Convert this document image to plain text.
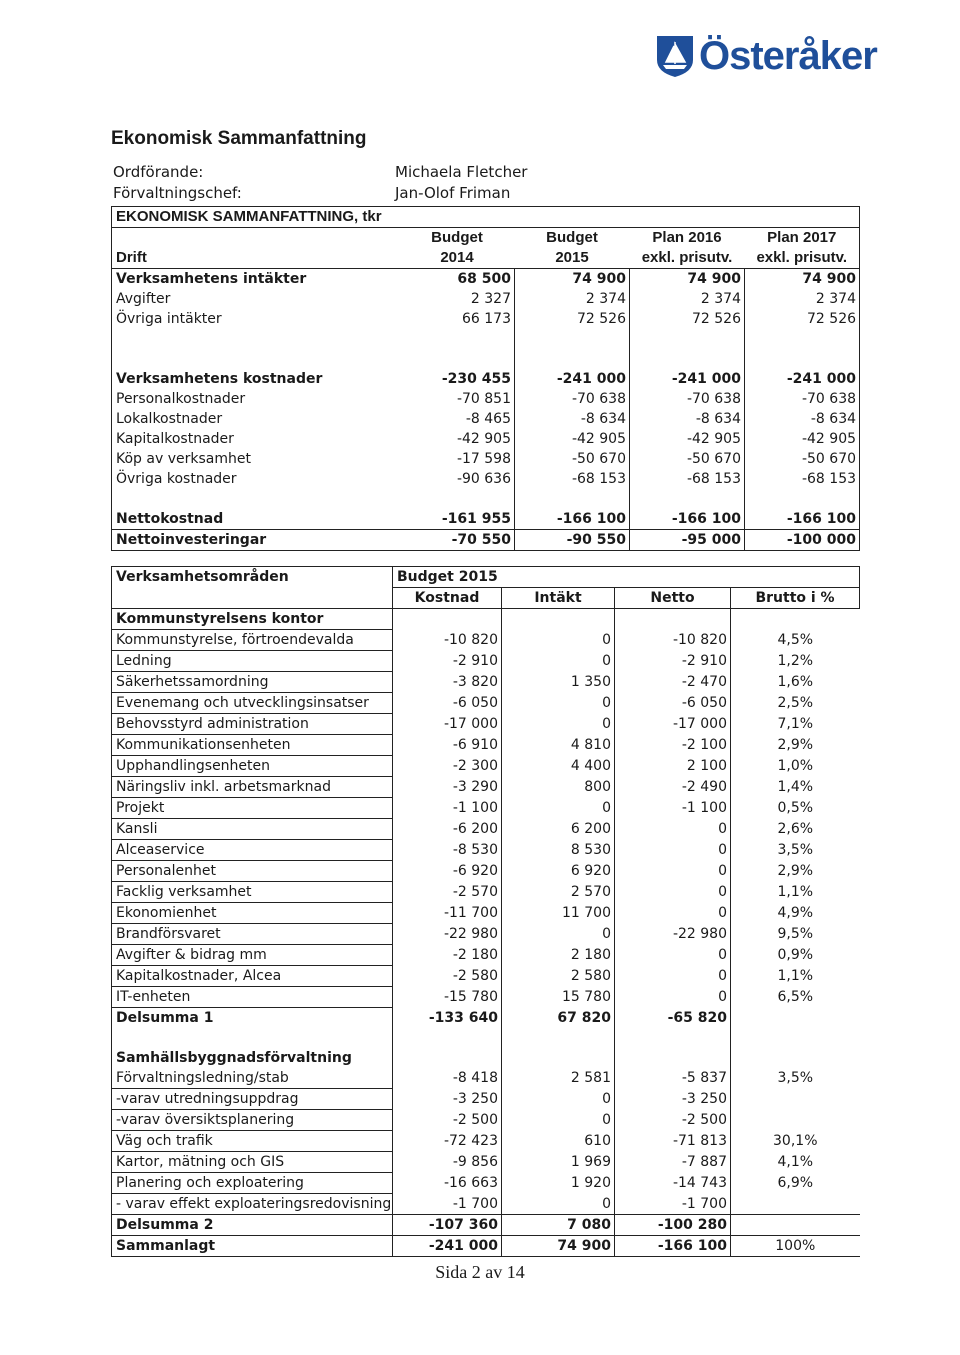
Österåker
Ekonomisk Sammanfattning
Ordförande:	Michaela Fletcher
Förvaltningschef:	Jan-Olof Friman
EKONOMISK SAMMANFATTNING, tkr				
	Budget	Budget	Plan 2016	Plan 2017
Drift	2014	2015	exkl. prisutv.	exkl. prisutv.
Verksamhetens intäkter	68 500	74 900	74 900	74 900
Avgifter	2 327	2 374	2 374	2 374
Övriga intäkter	66 173	72 526	72 526	72 526

Verksamhetens kostnader	-230 455	-241 000	-241 000	-241 000
Personalkostnader	-70 851	-70 638	-70 638	-70 638
Lokalkostnader	-8 465	-8 634	-8 634	-8 634
Kapitalkostnader	-42 905	-42 905	-42 905	-42 905
Köp av verksamhet	-17 598	-50 670	-50 670	-50 670
Övriga kostnader	-90 636	-68 153	-68 153	-68 153

Nettokostnad	-161 955	-166 100	-166 100	-166 100
Nettoinvesteringar	-70 550	-90 550	-95 000	-100 000
Verksamhetsområden	Budget 2015			
	Kostnad	Intäkt	Netto	Brutto i %
Kommunstyrelsens kontor				
Kommunstyrelse, förtroendevalda	-10 820	0	-10 820	4,5%
Ledning	-2 910	0	-2 910	1,2%
Säkerhetssamordning	-3 820	1 350	-2 470	1,6%
Evenemang och utvecklingsinsatser	-6 050	0	-6 050	2,5%
Behovsstyrd administration	-17 000	0	-17 000	7,1%
Kommunikationsenheten	-6 910	4 810	-2 100	2,9%
Upphandlingsenheten	-2 300	4 400	2 100	1,0%
Näringsliv inkl. arbetsmarknad	-3 290	800	-2 490	1,4%
Projekt	-1 100	0	-1 100	0,5%
Kansli	-6 200	6 200	0	2,6%
Alceaservice	-8 530	8 530	0	3,5%
Personalenhet	-6 920	6 920	0	2,9%
Facklig verksamhet	-2 570	2 570	0	1,1%
Ekonomienhet	-11 700	11 700	0	4,9%
Brandförsvaret	-22 980	0	-22 980	9,5%
Avgifter & bidrag mm	-2 180	2 180	0	0,9%
Kapitalkostnader, Alcea	-2 580	2 580	0	1,1%
IT-enheten	-15 780	15 780	0	6,5%
Delsumma 1	-133 640	67 820	-65 820	

Samhällsbyggnadsförvaltning				
Förvaltningsledning/stab	-8 418	2 581	-5 837	3,5%
-varav utredningsuppdrag	-3 250	0	-3 250	
-varav översiktsplanering	-2 500	0	-2 500	
Väg och trafik	-72 423	610	-71 813	30,1%
Kartor, mätning och GIS	-9 856	1 969	-7 887	4,1%
Planering och exploatering	-16 663	1 920	-14 743	6,9%
- varav effekt exploateringsredovisning	-1 700	0	-1 700	
Delsumma 2	-107 360	7 080	-100 280	
Sammanlagt	-241 000	74 900	-166 100	100%
Sida 2 av 14
